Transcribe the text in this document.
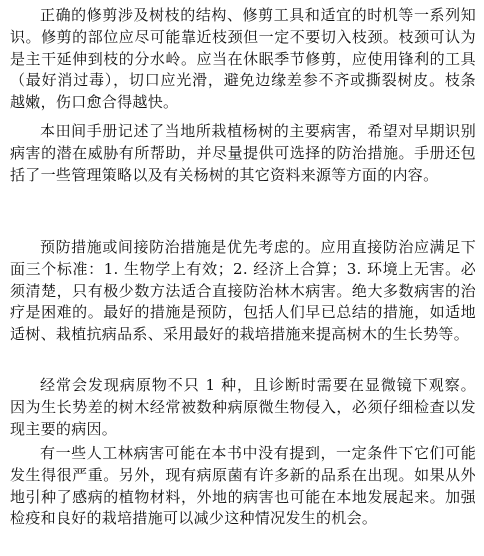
正确的修剪涉及树枝的结构、修剪工具和适宜的时机等一系列知识。修剪的部位应尽可能靠近枝颈但一定不要切入枝颈。枝颈可认为是主干延伸到枝的分水岭。应当在休眠季节修剪，应使用锋利的工具（最好消过毒），切口应光滑，避免边缘差参不齐或撕裂树皮。枝条越嫩，伤口愈合得越快。

本田间手册记述了当地所栽植杨树的主要病害，希望对早期识别病害的潜在威胁有所帮助，并尽量提供可选择的防治措施。手册还包括了一些管理策略以及有关杨树的其它资料来源等方面的内容。

预防措施或间接防治措施是优先考虑的。应用直接防治应满足下面三个标准：1. 生物学上有效；2. 经济上合算；3. 环境上无害。必须清楚，只有极少数方法适合直接防治林木病害。绝大多数病害的治疗是困难的。最好的措施是预防，包括人们早已总结的措施，如适地适树、栽植抗病品系、采用最好的栽培措施来提高树木的生长势等。

经常会发现病原物不只 1 种，且诊断时需要在显微镜下观察。 因为生长势差的树木经常被数种病原微生物侵入，必须仔细检查以发现主要的病因。

有一些人工林病害可能在本书中没有提到，一定条件下它们可能发生得很严重。另外，现有病原菌有许多新的品系在出现。如果从外地引种了感病的植物材料，外地的病害也可能在本地发展起来。加强检疫和良好的栽培措施可以减少这种情况发生的机会。
